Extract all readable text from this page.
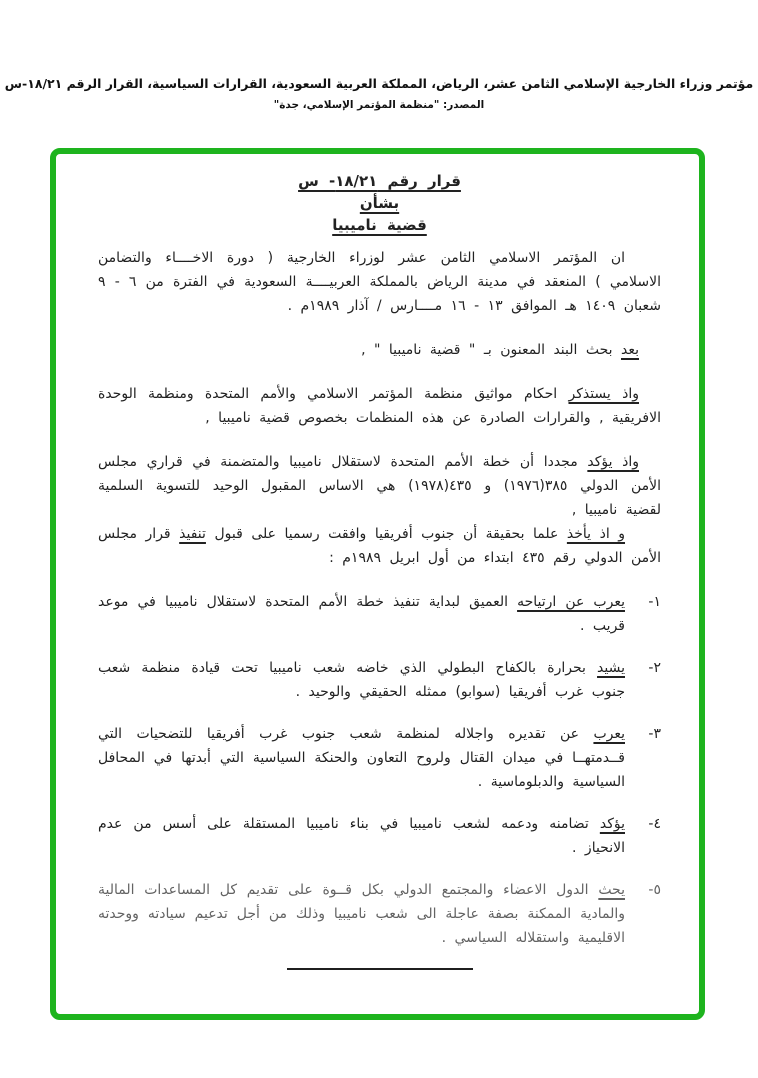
مؤتمر وزراء الخارجية الإسلامي الثامن عشر، الرياض، المملكة العربية السعودية، القرارات السياسية، القرار الرقم ١٨/٢١-س
المصدر: "منظمة المؤتمر الإسلامي، جدة"
قرار رقم ١٨/٢١- س
بشأن
قضية ناميبيا

ان المؤتمر الاسلامي الثامن عشر لوزراء الخارجية ( دورة الاخــــاء والتضامن الاسلامي ) المنعقد في مدينة الرياض بالمملكة العربيــــة السعودية في الفترة من ٦ - ٩ شعبان ١٤٠٩ هـ الموافق ١٣ - ١٦ مــــارس / آذار ١٩٨٩م .

بعد بحث البند المعنون بـ " قضية ناميبيا " ,

واذ يستذكر احكام مواثيق منظمة المؤتمر الاسلامي والأمم المتحدة ومنظمة الوحدة الافريقية , والقرارات الصادرة عن هذه المنظمات بخصوص قضية ناميبيا ,

واذ يؤكد مجددا أن خطة الأمم المتحدة لاستقلال ناميبيا والمتضمنة في قراري مجلس الأمن الدولي ٣٨٥(١٩٧٦) و ٤٣٥(١٩٧٨) هي الاساس المقبول الوحيد للتسوية السلمية لقضية ناميبيا ,

و اذ يأخذ علما بحقيقة أن جنوب أفريقيا وافقت رسميا على قبول تنفيذ قرار مجلس الأمن الدولي رقم ٤٣٥ ابتداء من أول ابريل ١٩٨٩م :

١-
يعرب عن ارتياحه العميق لبداية تنفيذ خطة الأمم المتحدة لاستقلال ناميبيا في موعد قريب .
٢-
يشيد بحرارة بالكفاح البطولي الذي خاضه شعب ناميبيا تحت قيادة منظمة شعب جنوب غرب أفريقيا (سوابو) ممثله الحقيقي والوحيد .
٣-
يعرب عن تقديره واجلاله لمنظمة شعب جنوب غرب أفريقيا للتضحيات التي قــدمتهــا في ميدان القتال ولروح التعاون والحنكة السياسية التي أبدتها في المحافل السياسية والدبلوماسية .
٤-
يؤكد تضامنه ودعمه لشعب ناميبيا في بناء ناميبيا المستقلة على أسس من عدم الانحياز .
٥-
يحث الدول الاعضاء والمجتمع الدولي بكل قــوة على تقديم كل المساعدات المالية والمادية الممكنة بصفة عاجلة الى شعب ناميبيا وذلك من أجل تدعيم سيادته ووحدته الاقليمية واستقلاله السياسي .
